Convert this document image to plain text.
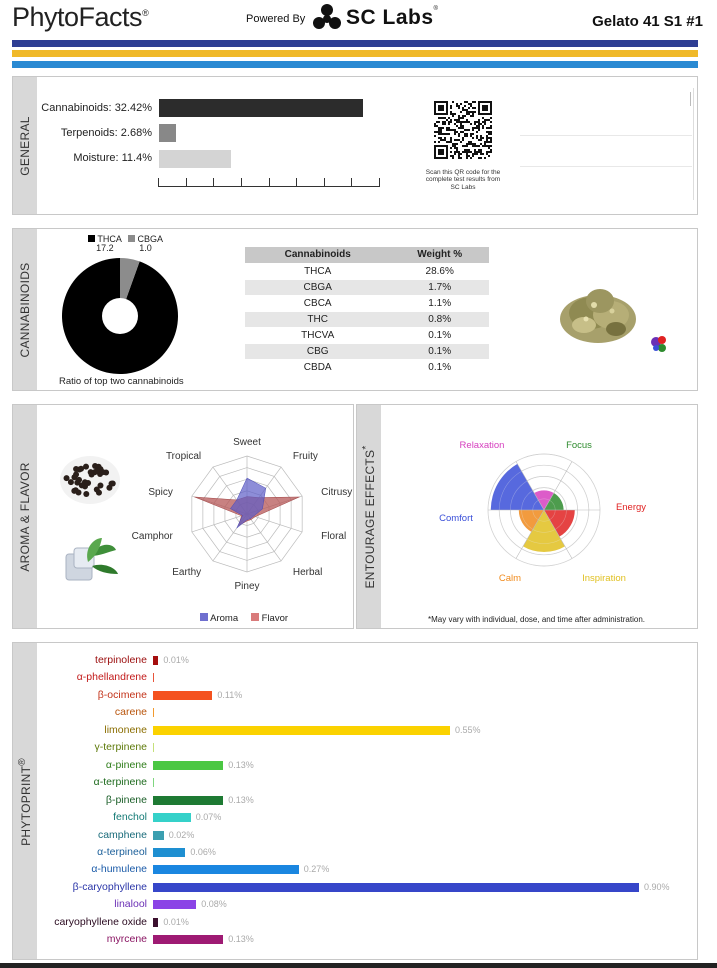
PhytoFacts®	Powered By SC Labs®
Gelato 41 S1 #1
GENERAL
Cannabinoids: 32.42%
Terpenoids: 2.68%
Moisture: 11.4%
Scan this QR code for the complete test results from SC Labs
CANNABINOIDS
THCA
17.2
CBGA
1.0
Ratio of top two cannabinoids
Cannabinoids	Weight %
THCA	28.6%
CBGA	1.7%
CBCA	1.1%
THC	0.8%
THCVA	0.1%
CBG	0.1%
CBDA	0.1%
AROMA & FLAVOR
Sweet
Fruity
Citrusy
Floral
Herbal
Piney
Earthy
Camphor
Spicy
Tropical
Aroma	Flavor
ENTOURAGE EFFECTS*	Relaxation	Focus
Energy
Inspiration
Calm
Comfort
*May vary with individual, dose, and time after administration.
PHYTOPRINT®
terpinolene 0.01%
α-phellandrene
β-ocimene	0.11%
carene
limonene	0.55%
γ-terpinene
α-pinene	0.13%
α-terpinene
β-pinene	0.13%
fenchol	0.07%
camphene 0.02%
α-terpineol	0.06%
α-humulene	0.27%
β-caryophyllene	0.90%
linalool	0.08%
caryophyllene oxide 0.01%
myrcene	0.13%
